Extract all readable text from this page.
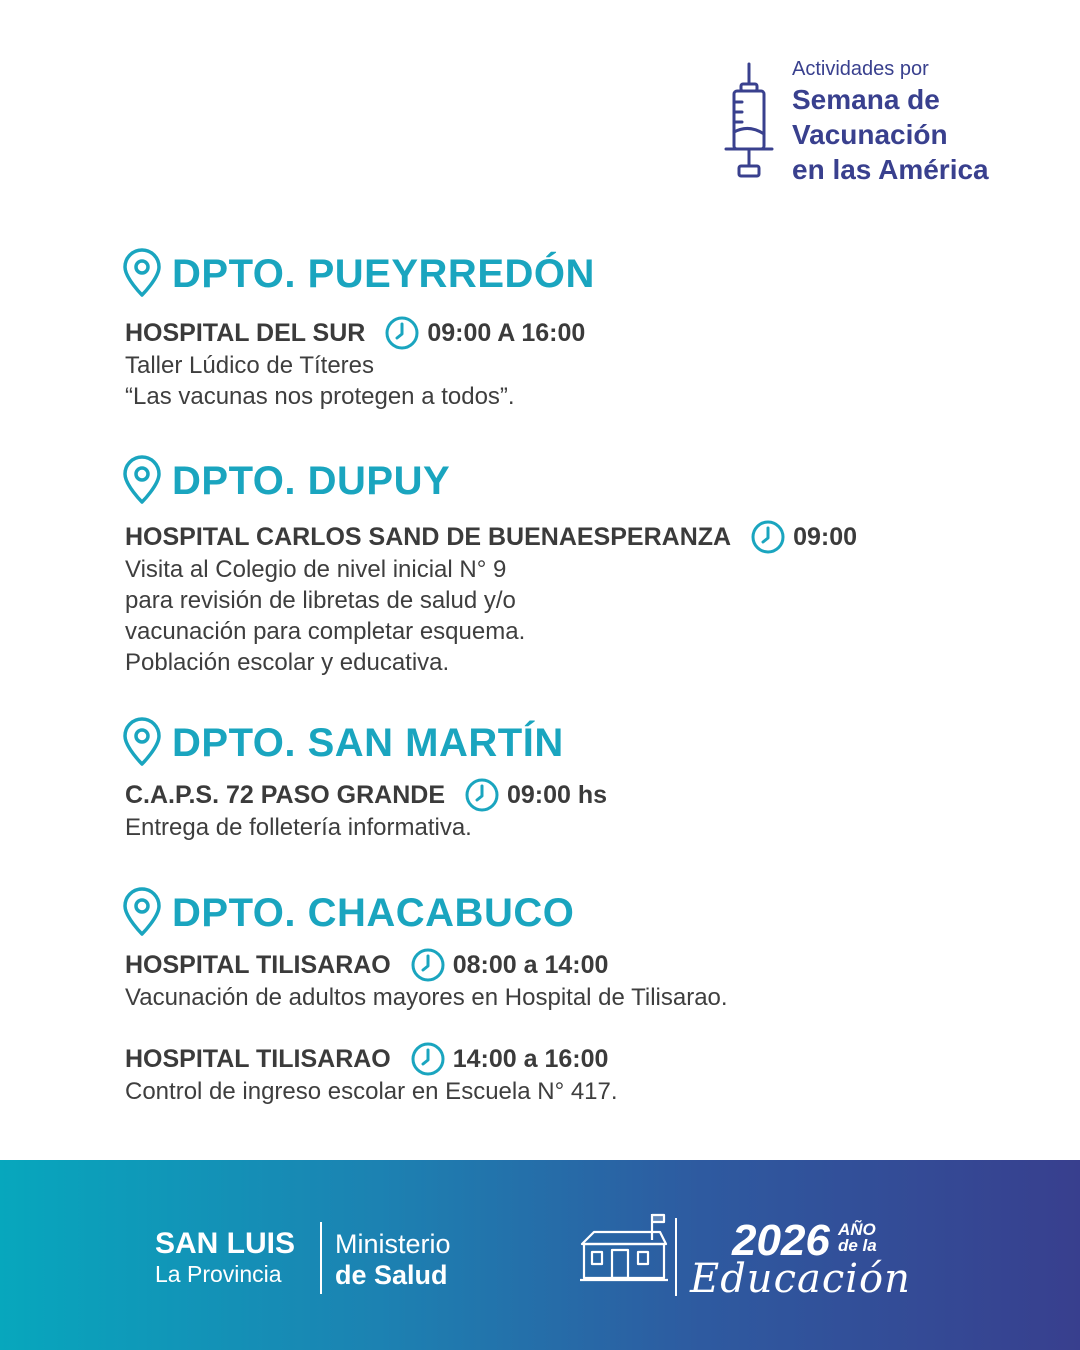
Actividades por
Semana de
Vacunación
en las América
DPTO. PUEYRREDÓN
HOSPITAL DEL SUR 09:00 A 16:00
Taller Lúdico de Títeres
“Las vacunas nos protegen a todos”.
DPTO. DUPUY
HOSPITAL CARLOS SAND DE BUENAESPERANZA 09:00
Visita al Colegio de nivel inicial N° 9
para revisión de libretas de salud y/o
vacunación para completar esquema.
Población escolar y educativa.
DPTO. SAN MARTÍN
C.A.P.S. 72 PASO GRANDE 09:00 hs
Entrega de folletería informativa.
DPTO. CHACABUCO
HOSPITAL TILISARAO 08:00 a 14:00
Vacunación de adultos mayores en Hospital de Tilisarao.
HOSPITAL TILISARAO 14:00 a 16:00
Control de ingreso escolar en Escuela N° 417.
SAN LUIS
La Provincia
Ministerio
de Salud
2026 AÑO
de la
Educación
